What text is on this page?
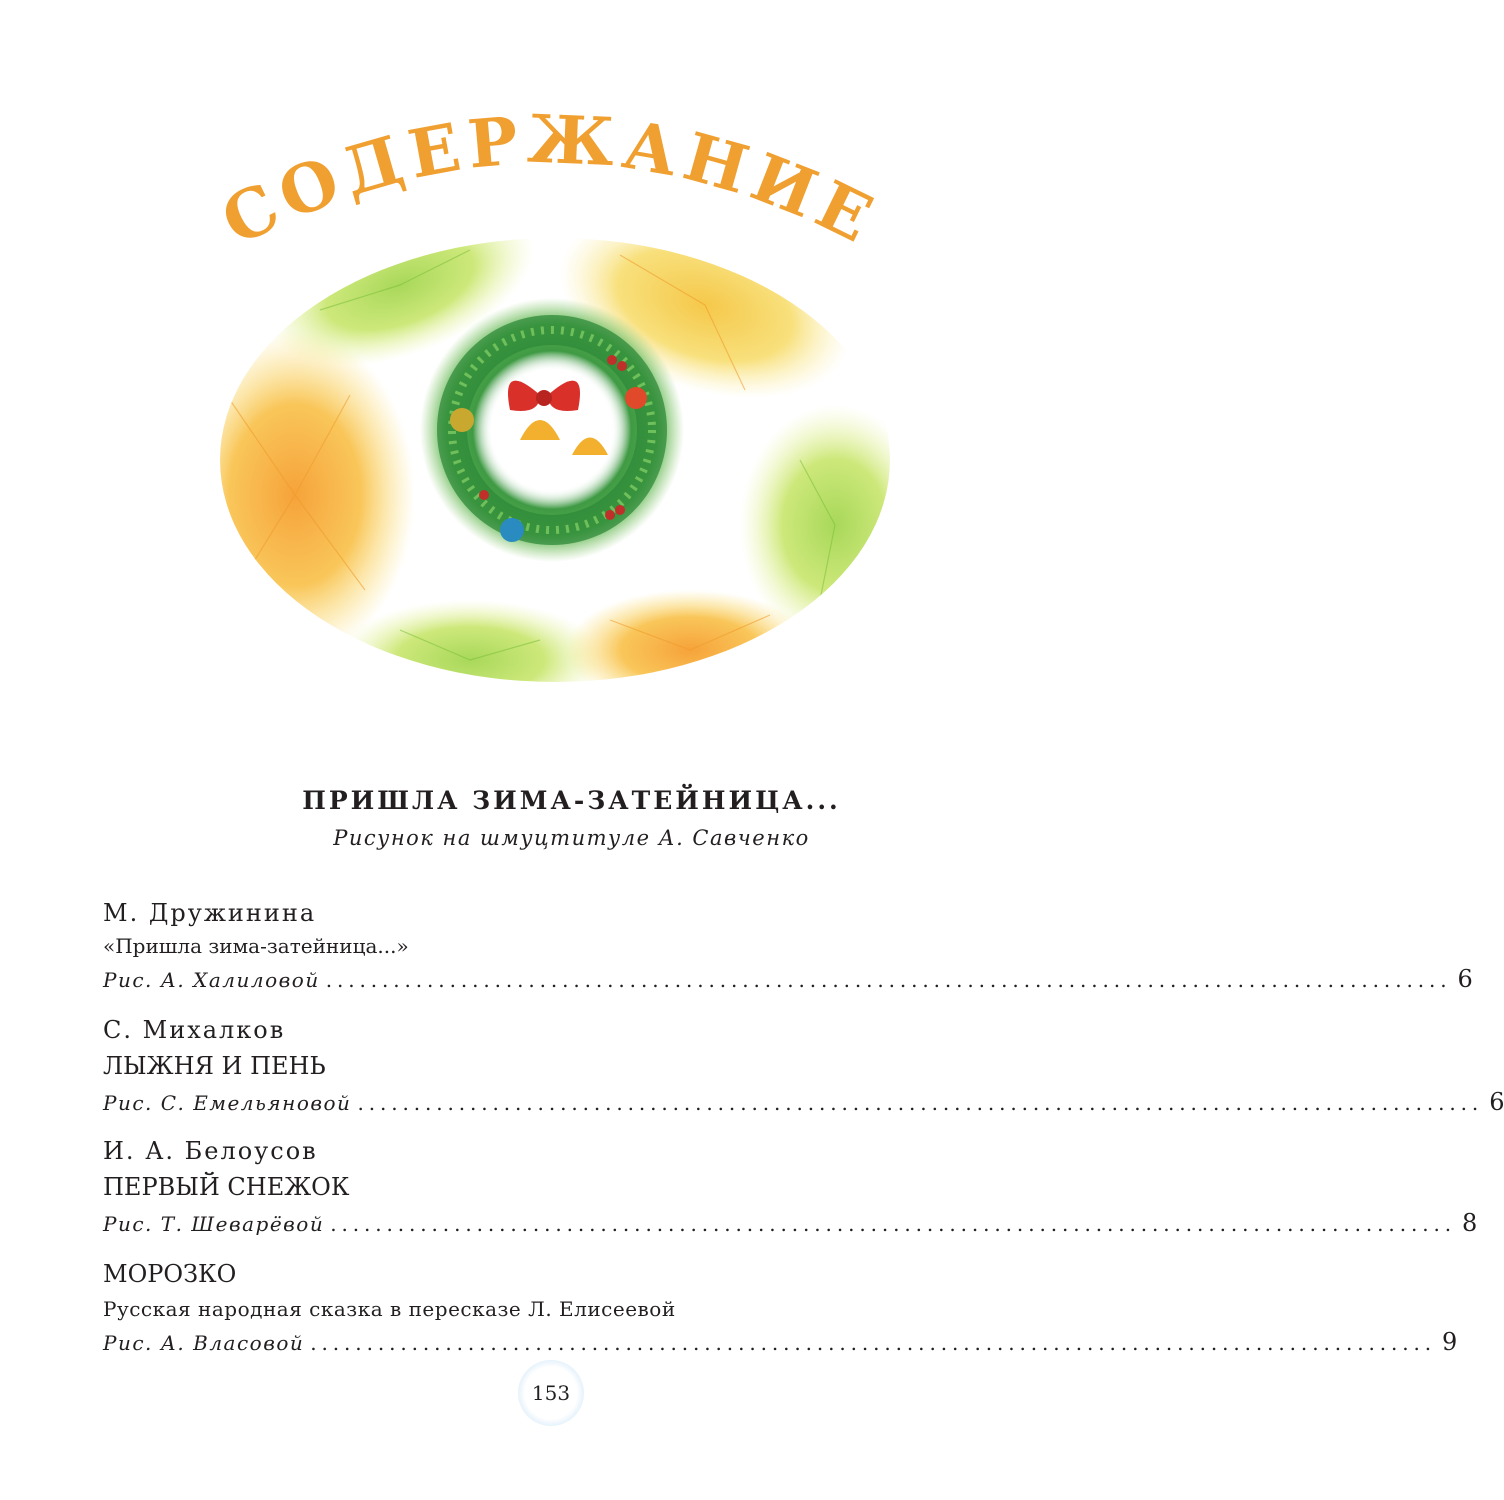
СОДЕРЖАНИЕ
ПРИШЛА ЗИМА-ЗАТЕЙНИЦА...
Рисунок на шмуцтитуле А. Савченко
М. Дружинина
«Пришла зима-затейница...»
Рис. А. Халиловой .................................................................................................... 6
С. Михалков
ЛЫЖНЯ И ПЕНЬ
Рис. С. Емельяновой .................................................................................................... 6
И. А. Белоусов
ПЕРВЫЙ СНЕЖОК
Рис. Т. Шеварёвой .................................................................................................... 8
МОРОЗКО
Русская народная сказка в пересказе Л. Елисеевой
Рис. А. Власовой .................................................................................................... 9
153
